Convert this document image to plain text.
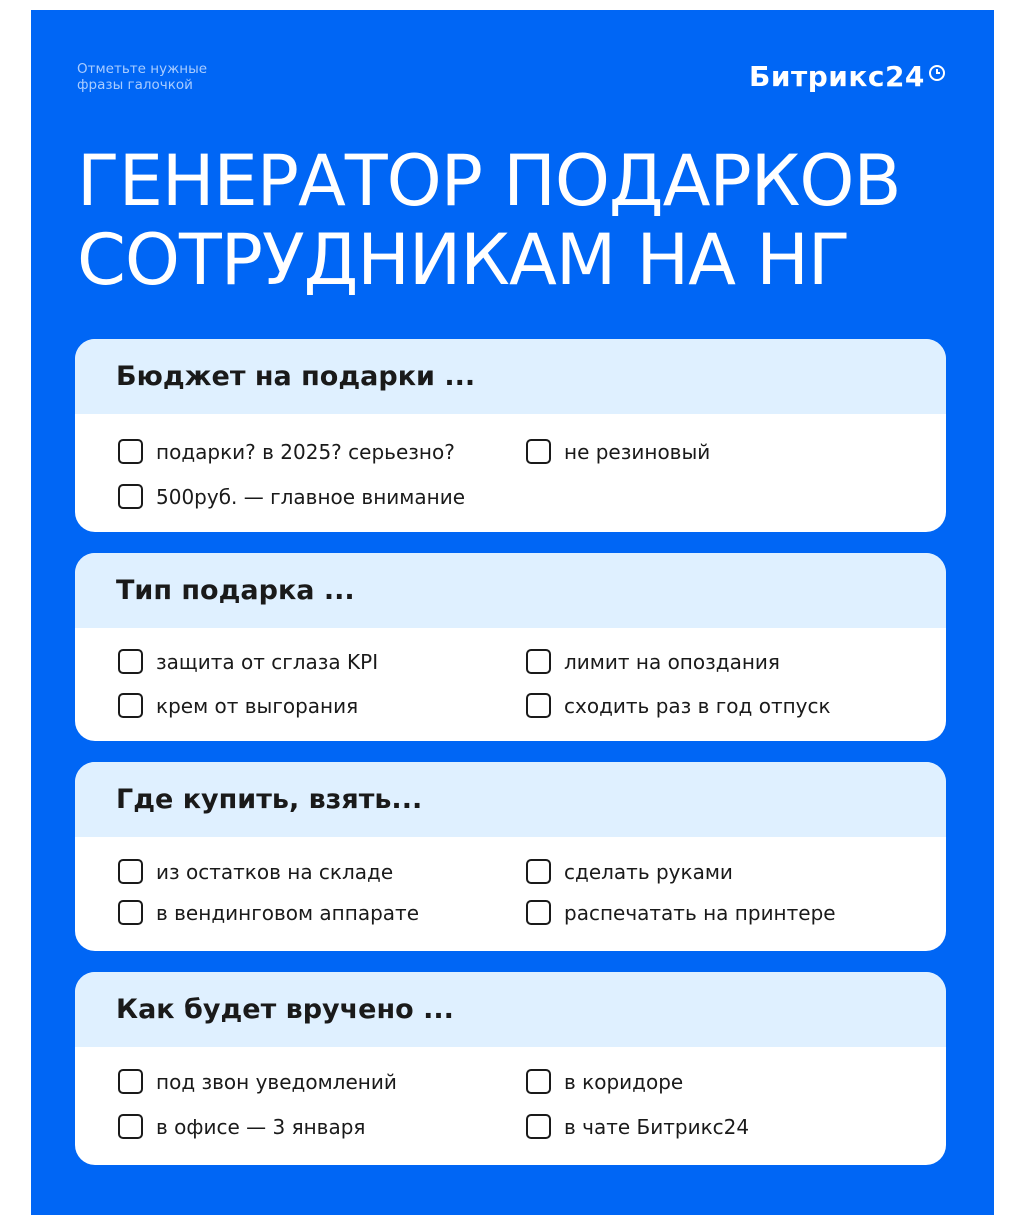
Отметьте нужные
фразы галочкой	Битрикс24
ГЕНЕРАТОР ПОДАРКОВ
СОТРУДНИКАМ НА НГ
Бюджет на подарки ...
подарки? в 2025? серьезно?	не резиновый
500руб. — главное внимание
Тип подарка ...
защита от сглаза KPI	лимит на опоздания
крем от выгорания	сходить раз в год отпуск
Где купить, взять...
из остатков на складе	сделать руками
в вендинговом аппарате	распечатать на принтере
Как будет вручено ...
под звон уведомлений	в коридоре
в офисе — 3 января	в чате Битрикс24
